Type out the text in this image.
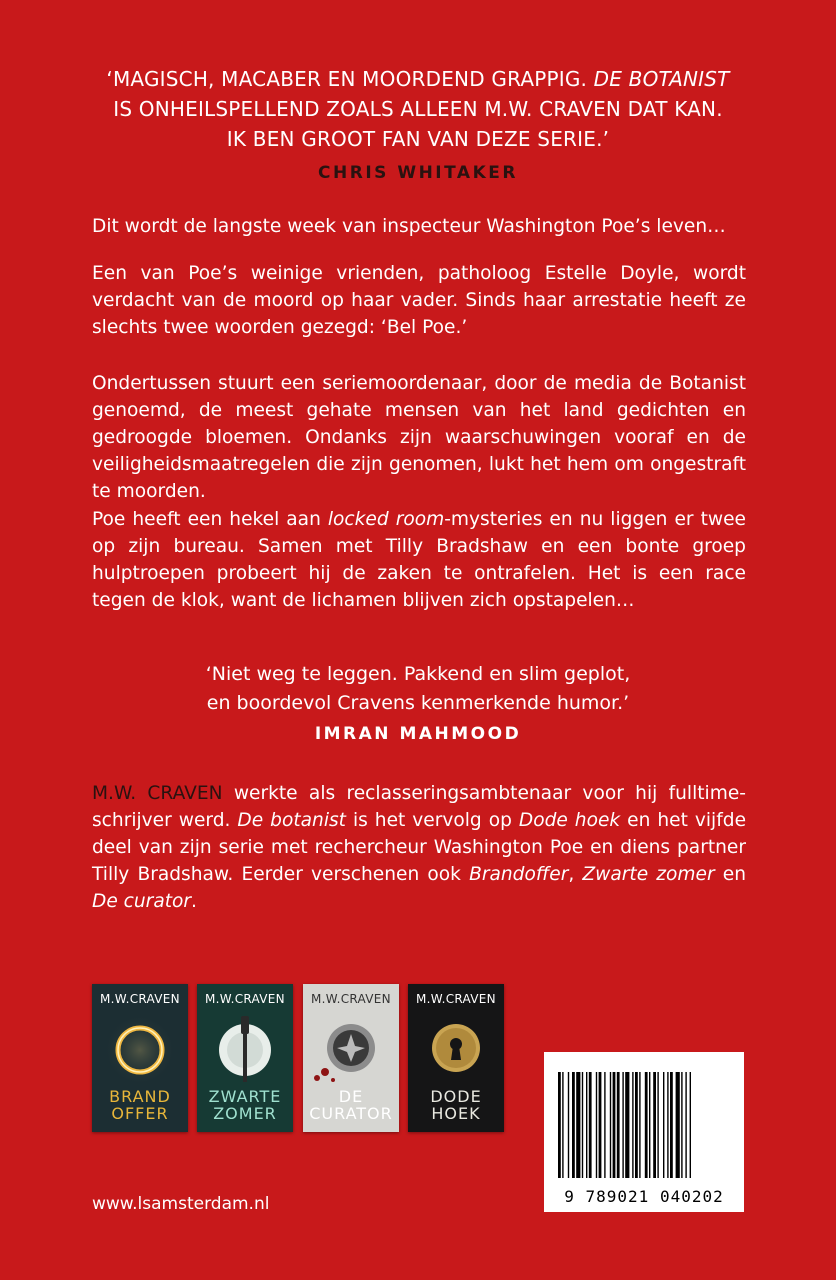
‘MAGISCH, MACABER EN MOORDEND GRAPPIG. DE BOTANIST
IS ONHEILSPELLEND ZOALS ALLEEN M.W. CRAVEN DAT KAN.
IK BEN GROOT FAN VAN DEZE SERIE.’
CHRIS WHITAKER

Dit wordt de langste week van inspecteur Washington Poe’s leven…

Een van Poe’s weinige vrienden, patholoog Estelle Doyle, wordt verdacht van de moord op haar vader. Sinds haar arrestatie heeft ze slechts twee woorden gezegd: ‘Bel Poe.’

Ondertussen stuurt een seriemoordenaar, door de media de Botanist genoemd, de meest gehate mensen van het land gedichten en gedroogde bloemen. Ondanks zijn waarschuwingen vooraf en de veiligheidsmaatregelen die zijn genomen, lukt het hem om ongestraft te moorden.

Poe heeft een hekel aan locked room-mysteries en nu liggen er twee op zijn bureau. Samen met Tilly Bradshaw en een bonte groep hulptroepen probeert hij de zaken te ontrafelen. Het is een race tegen de klok, want de lichamen blijven zich opstapelen…

‘Niet weg te leggen. Pakkend en slim geplot,
en boordevol Cravens kenmerkende humor.’
IMRAN MAHMOOD
M.W. CRAVEN werkte als reclasseringsambtenaar voor hij fulltimeschrijver werd. De botanist is het vervolg op Dode hoek en het vijfde deel van zijn serie met rechercheur Washington Poe en diens partner Tilly Bradshaw. Eerder verschenen ook Brandoffer, Zwarte zomer en De curator.
M.W.CRAVEN
BRAND
OFFER
M.W.CRAVEN
ZWARTE
ZOMER
M.W.CRAVEN
DE
CURATOR
M.W.CRAVEN
DODE
HOEK
9 789021 040202
www.lsamsterdam.nl
